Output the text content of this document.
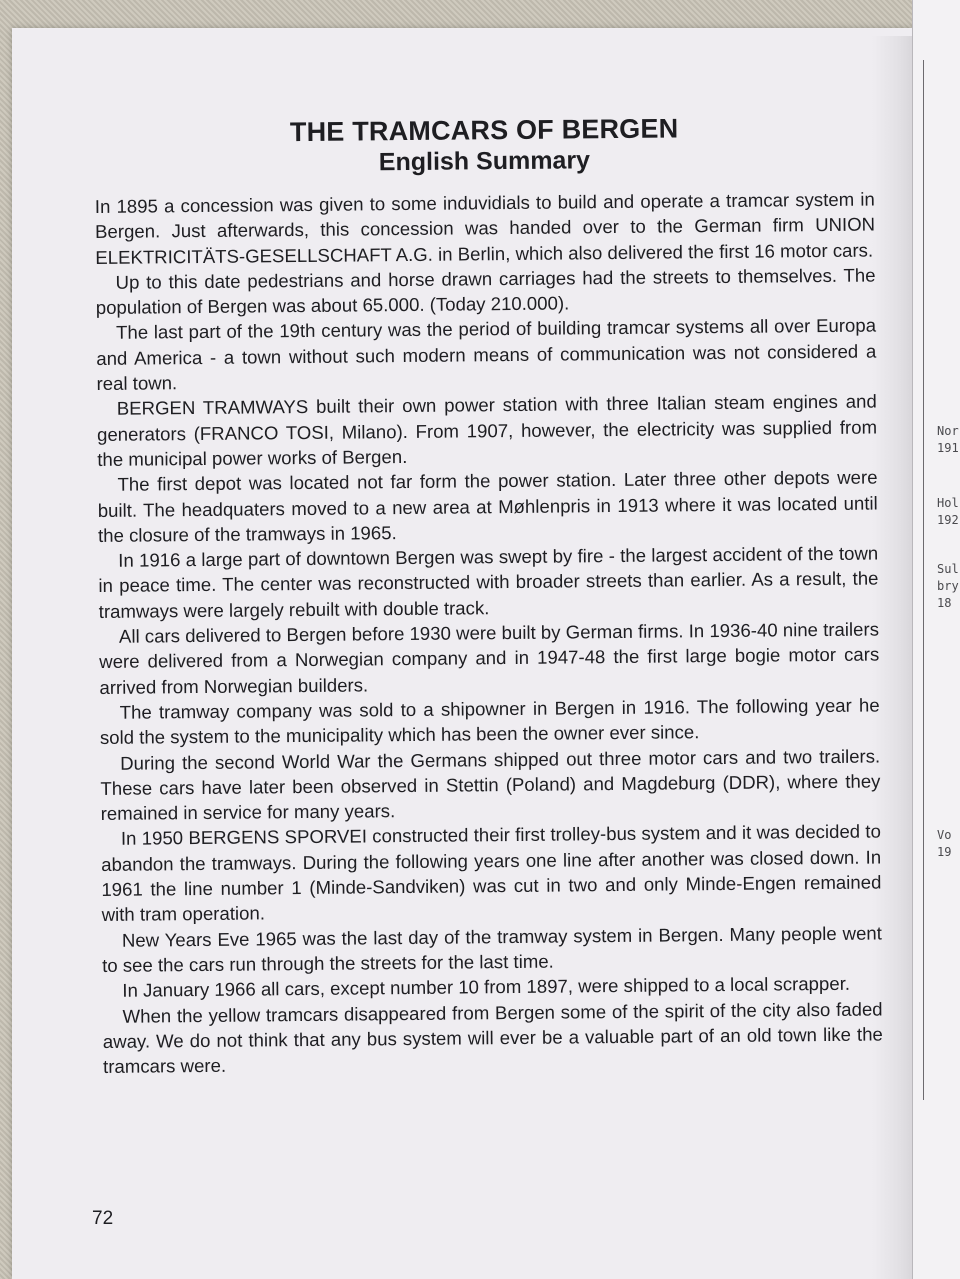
Nor
191
Hol
192
Sul
bry
18
Vo
19
THE TRAMCARS OF BERGEN
English Summary

In 1895 a concession was given to some induvidials to build and operate a tramcar system in Bergen. Just afterwards, this concession was handed over to the German firm UNION ELEKTRICITÄTS-GESELLSCHAFT A.G. in Berlin, which also delivered the first 16 motor cars.

Up to this date pedestrians and horse drawn carriages had the streets to themselves. The population of Bergen was about 65.000. (Today 210.000).

The last part of the 19th century was the period of building tramcar systems all over Europa and America - a town without such modern means of communication was not considered a real town.

BERGEN TRAMWAYS built their own power station with three Italian steam engines and generators (FRANCO TOSI, Milano). From 1907, however, the electricity was supplied from the municipal power works of Bergen.

The first depot was located not far form the power station. Later three other depots were built. The headquaters moved to a new area at Møhlenpris in 1913 where it was located until the closure of the tramways in 1965.

In 1916 a large part of downtown Bergen was swept by fire - the largest accident of the town in peace time. The center was reconstructed with broader streets than earlier. As a result, the tramways were largely rebuilt with double track.

All cars delivered to Bergen before 1930 were built by German firms. In 1936-40 nine trailers were delivered from a Norwegian company and in 1947-48 the first large bogie motor cars arrived from Norwegian builders.

The tramway company was sold to a shipowner in Bergen in 1916. The following year he sold the system to the municipality which has been the owner ever since.

During the second World War the Germans shipped out three motor cars and two trailers. These cars have later been observed in Stettin (Poland) and Magdeburg (DDR), where they remained in service for many years.

In 1950 BERGENS SPORVEI constructed their first trolley-bus system and it was decided to abandon the tramways. During the following years one line after another was closed down. In 1961 the line number 1 (Minde-Sandviken) was cut in two and only Minde-Engen remained with tram operation.

New Years Eve 1965 was the last day of the tramway system in Bergen. Many people went to see the cars run through the streets for the last time.

In January 1966 all cars, except number 10 from 1897, were shipped to a local scrapper.

When the yellow tramcars disappeared from Bergen some of the spirit of the city also faded away. We do not think that any bus system will ever be a valuable part of an old town like the tramcars were.

72
